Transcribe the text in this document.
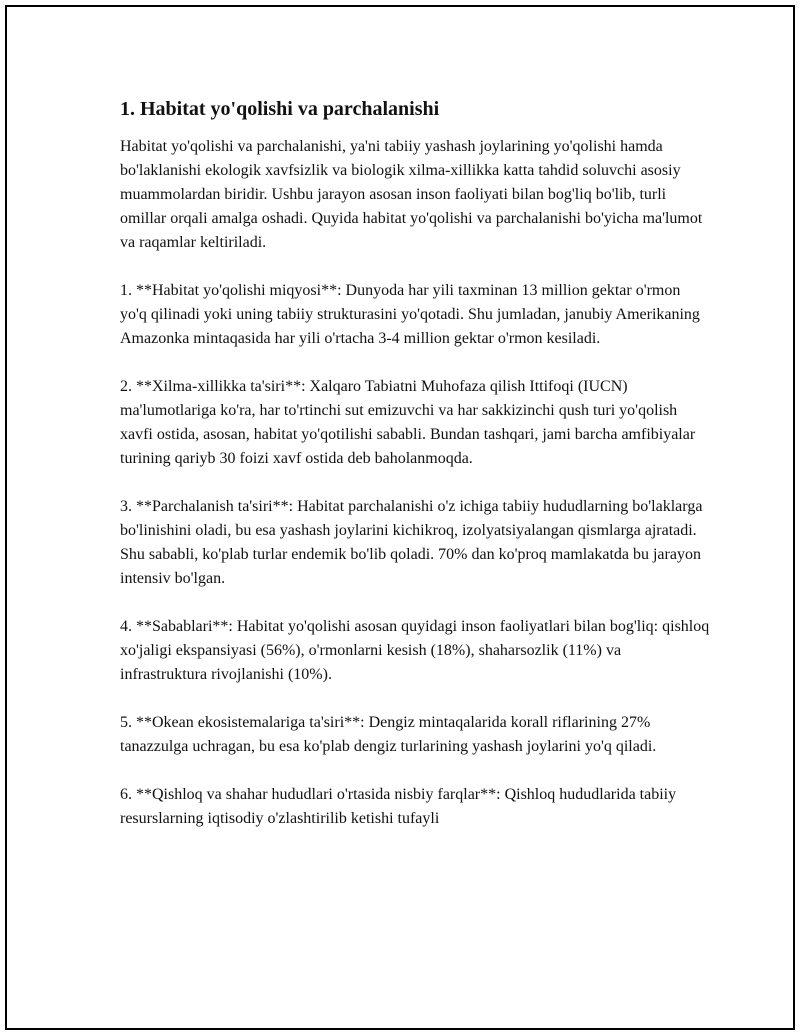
1. Habitat yo'qolishi va parchalanishi

Habitat yo'qolishi va parchalanishi, ya'ni tabiiy yashash joylarining yo'qolishi hamda bo'laklanishi ekologik xavfsizlik va biologik xilma-xillikka katta tahdid soluvchi asosiy muammolardan biridir. Ushbu jarayon asosan inson faoliyati bilan bog'liq bo'lib, turli omillar orqali amalga oshadi. Quyida habitat yo'qolishi va parchalanishi bo'yicha ma'lumot va raqamlar keltiriladi.

1. **Habitat yo'qolishi miqyosi**: Dunyoda har yili taxminan 13 million gektar o'rmon yo'q qilinadi yoki uning tabiiy strukturasini yo'qotadi. Shu jumladan, janubiy Amerikaning Amazonka mintaqasida har yili o'rtacha 3-4 million gektar o'rmon kesiladi.

2. **Xilma-xillikka ta'siri**: Xalqaro Tabiatni Muhofaza qilish Ittifoqi (IUCN) ma'lumotlariga ko'ra, har to'rtinchi sut emizuvchi va har sakkizinchi qush turi yo'qolish xavfi ostida, asosan, habitat yo'qotilishi sababli. Bundan tashqari, jami barcha amfibiyalar turining qariyb 30 foizi xavf ostida deb baholanmoqda.

3. **Parchalanish ta'siri**: Habitat parchalanishi o'z ichiga tabiiy hududlarning bo'laklarga bo'linishini oladi, bu esa yashash joylarini kichikroq, izolyatsiyalangan qismlarga ajratadi. Shu sababli, ko'plab turlar endemik bo'lib qoladi. 70% dan ko'proq mamlakatda bu jarayon intensiv bo'lgan.

4. **Sabablari**: Habitat yo'qolishi asosan quyidagi inson faoliyatlari bilan bog'liq: qishloq xo'jaligi ekspansiyasi (56%), o'rmonlarni kesish (18%), shaharsozlik (11%) va infrastruktura rivojlanishi (10%).

5. **Okean ekosistemalariga ta'siri**: Dengiz mintaqalarida korall riflarining 27% tanazzulga uchragan, bu esa ko'plab dengiz turlarining yashash joylarini yo'q qiladi.

6. **Qishloq va shahar hududlari o'rtasida nisbiy farqlar**: Qishloq hududlarida tabiiy resurslarning iqtisodiy o'zlashtirilib ketishi tufayli
